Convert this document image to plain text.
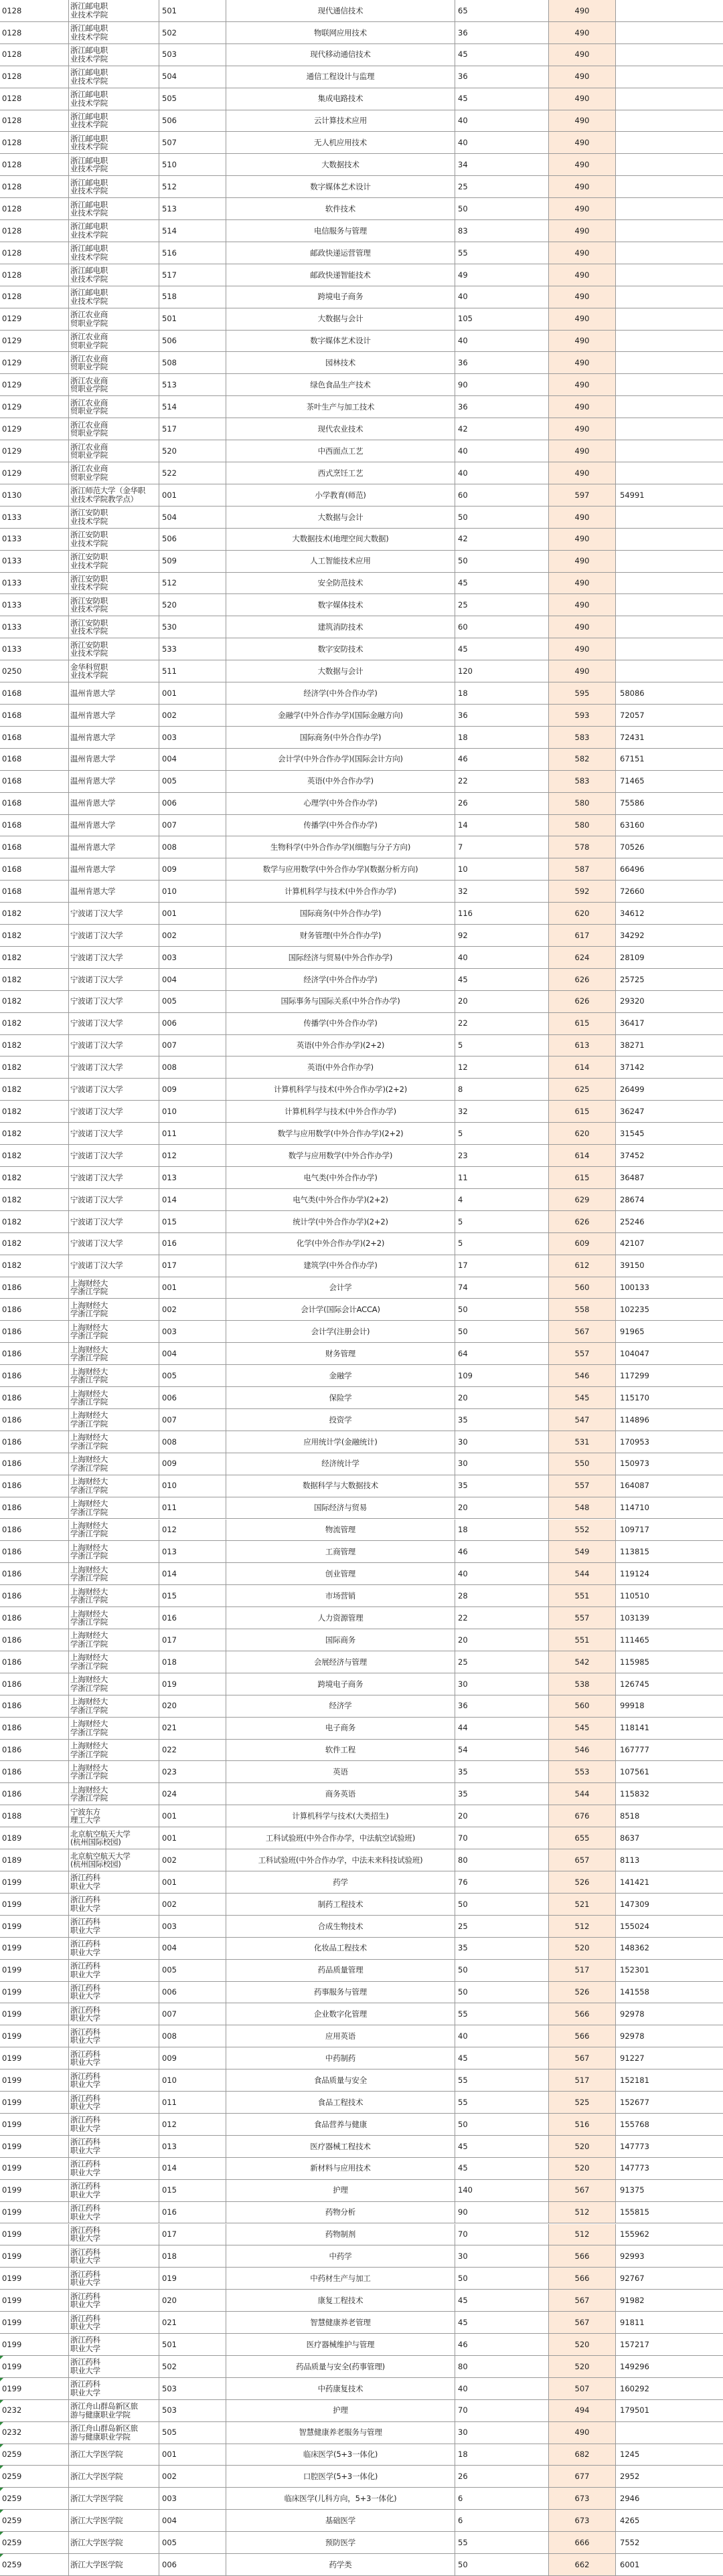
0128	浙江邮电职
业技术学院	501	现代通信技术	65	490
0128	浙江邮电职
业技术学院	502	物联网应用技术	36	490
0128	浙江邮电职
业技术学院	503	现代移动通信技术	45	490
0128	浙江邮电职
业技术学院	504	通信工程设计与监理	36	490
0128	浙江邮电职
业技术学院	505	集成电路技术	45	490
0128	浙江邮电职
业技术学院	506	云计算技术应用	40	490
0128	浙江邮电职
业技术学院	507	无人机应用技术	40	490
0128	浙江邮电职
业技术学院	510	大数据技术	34	490
0128	浙江邮电职
业技术学院	512	数字媒体艺术设计	25	490
0128	浙江邮电职
业技术学院	513	软件技术	50	490
0128	浙江邮电职
业技术学院	514	电信服务与管理	83	490
0128	浙江邮电职
业技术学院	516	邮政快递运营管理	55	490
0128	浙江邮电职
业技术学院	517	邮政快递智能技术	49	490
0128	浙江邮电职
业技术学院	518	跨境电子商务	40	490
0129	浙江农业商
贸职业学院	501	大数据与会计	105	490
0129	浙江农业商
贸职业学院	506	数字媒体艺术设计	40	490
0129	浙江农业商
贸职业学院	508	园林技术	36	490
0129	浙江农业商
贸职业学院	513	绿色食品生产技术	90	490
0129	浙江农业商
贸职业学院	514	茶叶生产与加工技术	36	490
0129	浙江农业商
贸职业学院	517	现代农业技术	42	490
0129	浙江农业商
贸职业学院	520	中西面点工艺	40	490
0129	浙江农业商
贸职业学院	522	西式烹饪工艺	40	490
0130	浙江师范大学（金华职
业技术学院教学点）	001	小学教育(师范)	60	597	54991
0133	浙江安防职
业技术学院	504	大数据与会计	50	490
0133	浙江安防职
业技术学院	506	大数据技术(地理空间大数据)	42	490
0133	浙江安防职
业技术学院	509	人工智能技术应用	50	490
0133	浙江安防职
业技术学院	512	安全防范技术	45	490
0133	浙江安防职
业技术学院	520	数字媒体技术	25	490
0133	浙江安防职
业技术学院	530	建筑消防技术	60	490
0133	浙江安防职
业技术学院	533	数字安防技术	45	490
0250	金华科贸职
业技术学院	511	大数据与会计	120	490
0168	温州肯恩大学	001	经济学(中外合作办学)	18	595	58086
0168	温州肯恩大学	002	金融学(中外合作办学)(国际金融方向)	36	593	72057
0168	温州肯恩大学	003	国际商务(中外合作办学)	18	583	72431
0168	温州肯恩大学	004	会计学(中外合作办学)(国际会计方向)	46	582	67151
0168	温州肯恩大学	005	英语(中外合作办学)	22	583	71465
0168	温州肯恩大学	006	心理学(中外合作办学)	26	580	75586
0168	温州肯恩大学	007	传播学(中外合作办学)	14	580	63160
0168	温州肯恩大学	008	生物科学(中外合作办学)(细胞与分子方向)	7	578	70526
0168	温州肯恩大学	009	数学与应用数学(中外合作办学)(数据分析方向)	10	587	66496
0168	温州肯恩大学	010	计算机科学与技术(中外合作办学)	32	592	72660
0182	宁波诺丁汉大学	001	国际商务(中外合作办学)	116	620	34612
0182	宁波诺丁汉大学	002	财务管理(中外合作办学)	92	617	34292
0182	宁波诺丁汉大学	003	国际经济与贸易(中外合作办学)	40	624	28109
0182	宁波诺丁汉大学	004	经济学(中外合作办学)	45	626	25725
0182	宁波诺丁汉大学	005	国际事务与国际关系(中外合作办学)	20	626	29320
0182	宁波诺丁汉大学	006	传播学(中外合作办学)	22	615	36417
0182	宁波诺丁汉大学	007	英语(中外合作办学)(2+2)	5	613	38271
0182	宁波诺丁汉大学	008	英语(中外合作办学)	12	614	37142
0182	宁波诺丁汉大学	009	计算机科学与技术(中外合作办学)(2+2)	8	625	26499
0182	宁波诺丁汉大学	010	计算机科学与技术(中外合作办学)	32	615	36247
0182	宁波诺丁汉大学	011	数学与应用数学(中外合作办学)(2+2)	5	620	31545
0182	宁波诺丁汉大学	012	数学与应用数学(中外合作办学)	23	614	37452
0182	宁波诺丁汉大学	013	电气类(中外合作办学)	11	615	36487
0182	宁波诺丁汉大学	014	电气类(中外合作办学)(2+2)	4	629	28674
0182	宁波诺丁汉大学	015	统计学(中外合作办学)(2+2)	5	626	25246
0182	宁波诺丁汉大学	016	化学(中外合作办学)(2+2)	5	609	42107
0182	宁波诺丁汉大学	017	建筑学(中外合作办学)	17	612	39150
0186	上海财经大
学浙江学院	001	会计学	74	560	100133
0186	上海财经大
学浙江学院	002	会计学(国际会计ACCA)	50	558	102235
0186	上海财经大
学浙江学院	003	会计学(注册会计)	50	567	91965
0186	上海财经大
学浙江学院	004	财务管理	64	557	104047
0186	上海财经大
学浙江学院	005	金融学	109	546	117299
0186	上海财经大
学浙江学院	006	保险学	20	545	115170
0186	上海财经大
学浙江学院	007	投资学	35	547	114896
0186	上海财经大
学浙江学院	008	应用统计学(金融统计)	30	531	170953
0186	上海财经大
学浙江学院	009	经济统计学	30	550	150973
0186	上海财经大
学浙江学院	010	数据科学与大数据技术	35	557	164087
0186	上海财经大
学浙江学院	011	国际经济与贸易	20	548	114710
0186	上海财经大
学浙江学院	012	物流管理	18	552	109717
0186	上海财经大
学浙江学院	013	工商管理	46	549	113815
0186	上海财经大
学浙江学院	014	创业管理	40	544	119124
0186	上海财经大
学浙江学院	015	市场营销	28	551	110510
0186	上海财经大
学浙江学院	016	人力资源管理	22	557	103139
0186	上海财经大
学浙江学院	017	国际商务	20	551	111465
0186	上海财经大
学浙江学院	018	会展经济与管理	25	542	115985
0186	上海财经大
学浙江学院	019	跨境电子商务	30	538	126745
0186	上海财经大
学浙江学院	020	经济学	36	560	99918
0186	上海财经大
学浙江学院	021	电子商务	44	545	118141
0186	上海财经大
学浙江学院	022	软件工程	54	546	167777
0186	上海财经大
学浙江学院	023	英语	35	553	107561
0186	上海财经大
学浙江学院	024	商务英语	35	544	115832
0188	宁波东方
理工大学	001	计算机科学与技术(大类招生)	20	676	8518
0189	北京航空航天大学
(杭州国际校园)	001	工科试验班(中外合作办学，中法航空试验班)	70	655	8637
0189	北京航空航天大学
(杭州国际校园)	002	工科试验班(中外合作办学，中法未来科技试验班)	80	657	8113
0199	浙江药科
职业大学	001	药学	76	526	141421
0199	浙江药科
职业大学	002	制药工程技术	50	521	147309
0199	浙江药科
职业大学	003	合成生物技术	25	512	155024
0199	浙江药科
职业大学	004	化妆品工程技术	35	520	148362
0199	浙江药科
职业大学	005	药品质量管理	50	517	152301
0199	浙江药科
职业大学	006	药事服务与管理	50	526	141558
0199	浙江药科
职业大学	007	企业数字化管理	55	566	92978
0199	浙江药科
职业大学	008	应用英语	40	566	92978
0199	浙江药科
职业大学	009	中药制药	45	567	91227
0199	浙江药科
职业大学	010	食品质量与安全	55	517	152181
0199	浙江药科
职业大学	011	食品工程技术	55	525	152677
0199	浙江药科
职业大学	012	食品营养与健康	50	516	155768
0199	浙江药科
职业大学	013	医疗器械工程技术	45	520	147773
0199	浙江药科
职业大学	014	新材料与应用技术	45	520	147773
0199	浙江药科
职业大学	015	护理	140	567	91375
0199	浙江药科
职业大学	016	药物分析	90	512	155815
0199	浙江药科
职业大学	017	药物制剂	70	512	155962
0199	浙江药科
职业大学	018	中药学	30	566	92993
0199	浙江药科
职业大学	019	中药材生产与加工	50	566	92767
0199	浙江药科
职业大学	020	康复工程技术	45	567	91982
0199	浙江药科
职业大学	021	智慧健康养老管理	45	567	91811
0199	浙江药科
职业大学	501	医疗器械维护与管理	46	520	157217
0199	浙江药科
职业大学	502	药品质量与安全(药事管理)	80	520	149296
0199	浙江药科
职业大学	503	中药康复技术	40	507	160292
0232	浙江舟山群岛新区旅
游与健康职业学院	503	护理	70	494	179501
0232	浙江舟山群岛新区旅
游与健康职业学院	505	智慧健康养老服务与管理	30	490
0259	浙江大学医学院	001	临床医学(5+3一体化)	18	682	1245
0259	浙江大学医学院	002	口腔医学(5+3一体化)	26	677	2952
0259	浙江大学医学院	003	临床医学(儿科方向，5+3一体化)	6	673	2946
0259	浙江大学医学院	004	基础医学	6	673	4265
0259	浙江大学医学院	005	预防医学	55	666	7552
0259	浙江大学医学院	006	药学类	50	662	6001
